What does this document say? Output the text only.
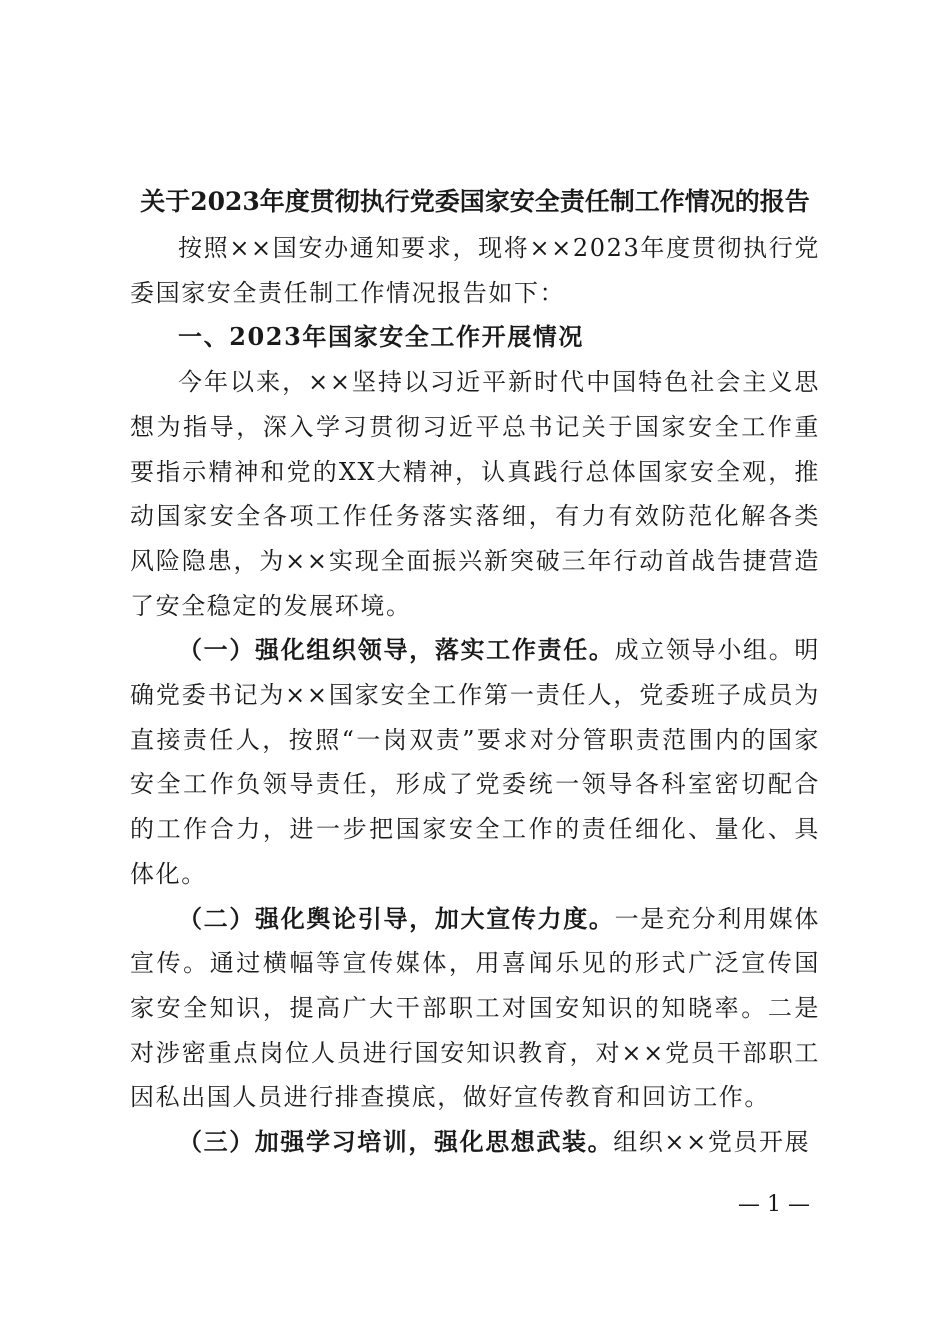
关于2023年度贯彻执行党委国家安全责任制工作情况的报告

按照××国安办通知要求，现将××2023年度贯彻执行党委国家安全责任制工作情况报告如下：

一、2023年国家安全工作开展情况

今年以来，××坚持以习近平新时代中国特色社会主义思想为指导，深入学习贯彻习近平总书记关于国家安全工作重要指示精神和党的XX大精神，认真践行总体国家安全观，推动国家安全各项工作任务落实落细，有力有效防范化解各类风险隐患，为××实现全面振兴新突破三年行动首战告捷营造了安全稳定的发展环境。

（一）强化组织领导，落实工作责任。成立领导小组。明确党委书记为××国家安全工作第一责任人，党委班子成员为直接责任人，按照“一岗双责”要求对分管职责范围内的国家安全工作负领导责任，形成了党委统一领导各科室密切配合的工作合力，进一步把国家安全工作的责任细化、量化、具体化。

（二）强化舆论引导，加大宣传力度。一是充分利用媒体宣传。通过横幅等宣传媒体，用喜闻乐见的形式广泛宣传国家安全知识，提高广大干部职工对国安知识的知晓率。二是对涉密重点岗位人员进行国安知识教育，对××党员干部职工因私出国人员进行排查摸底，做好宣传教育和回访工作。

（三）加强学习培训，强化思想武装。组织××党员开展

— 1 —
